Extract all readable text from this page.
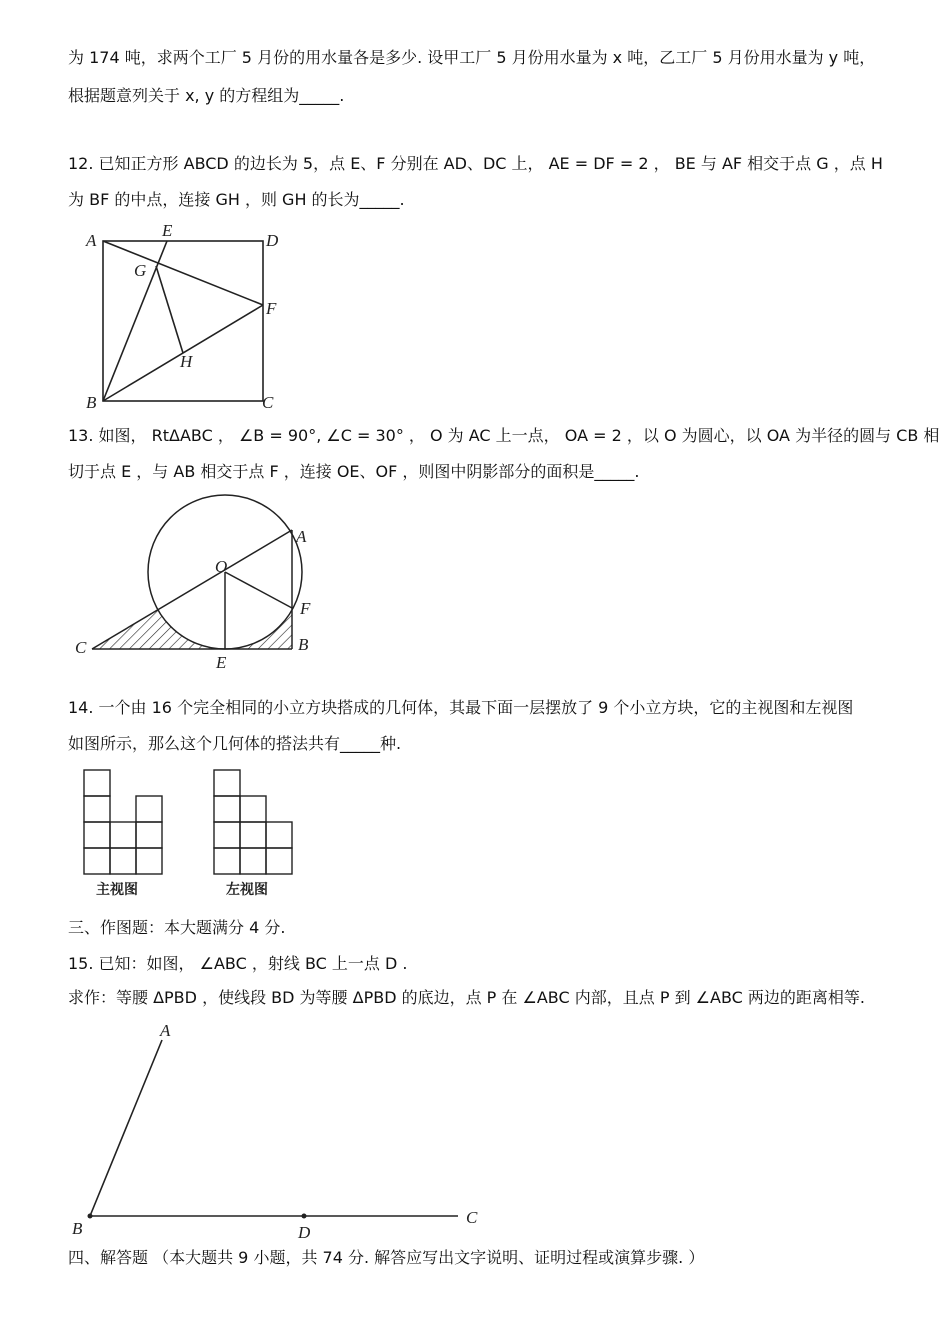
为 174 吨，求两个工厂 5 月份的用水量各是多少. 设甲工厂 5 月份用水量为 x 吨，乙工厂 5 月份用水量为 y 吨，
根据题意列关于 x, y 的方程组为_____.
12. 已知正方形 ABCD 的边长为 5，点 E、F 分别在 AD、DC 上， AE = DF = 2 ， BE 与 AF 相交于点 G ，点 H
为 BF 的中点，连接 GH ，则 GH 的长为_____.
A
E
D
G
F
H
B	C
13. 如图， RtΔABC ， ∠B = 90°, ∠C = 30° ， O 为 AC 上一点， OA = 2 ，以 O 为圆心，以 OA 为半径的圆与 CB 相
切于点 E ，与 AB 相交于点 F ，连接 OE、OF ，则图中阴影部分的面积是_____.
A
O
F
B
C
E
14. 一个由 16 个完全相同的小立方块搭成的几何体，其最下面一层摆放了 9 个小立方块，它的主视图和左视图
如图所示，那么这个几何体的搭法共有_____种.
主视图	左视图
三、作图题：本大题满分 4 分.
15. 已知：如图， ∠ABC ，射线 BC 上一点 D .
求作：等腰 ΔPBD ，使线段 BD 为等腰 ΔPBD 的底边，点 P 在 ∠ABC 内部，且点 P 到 ∠ABC 两边的距离相等.
A
B	D
C
四、解答题 （本大题共 9 小题，共 74 分. 解答应写出文字说明、证明过程或演算步骤. ）
